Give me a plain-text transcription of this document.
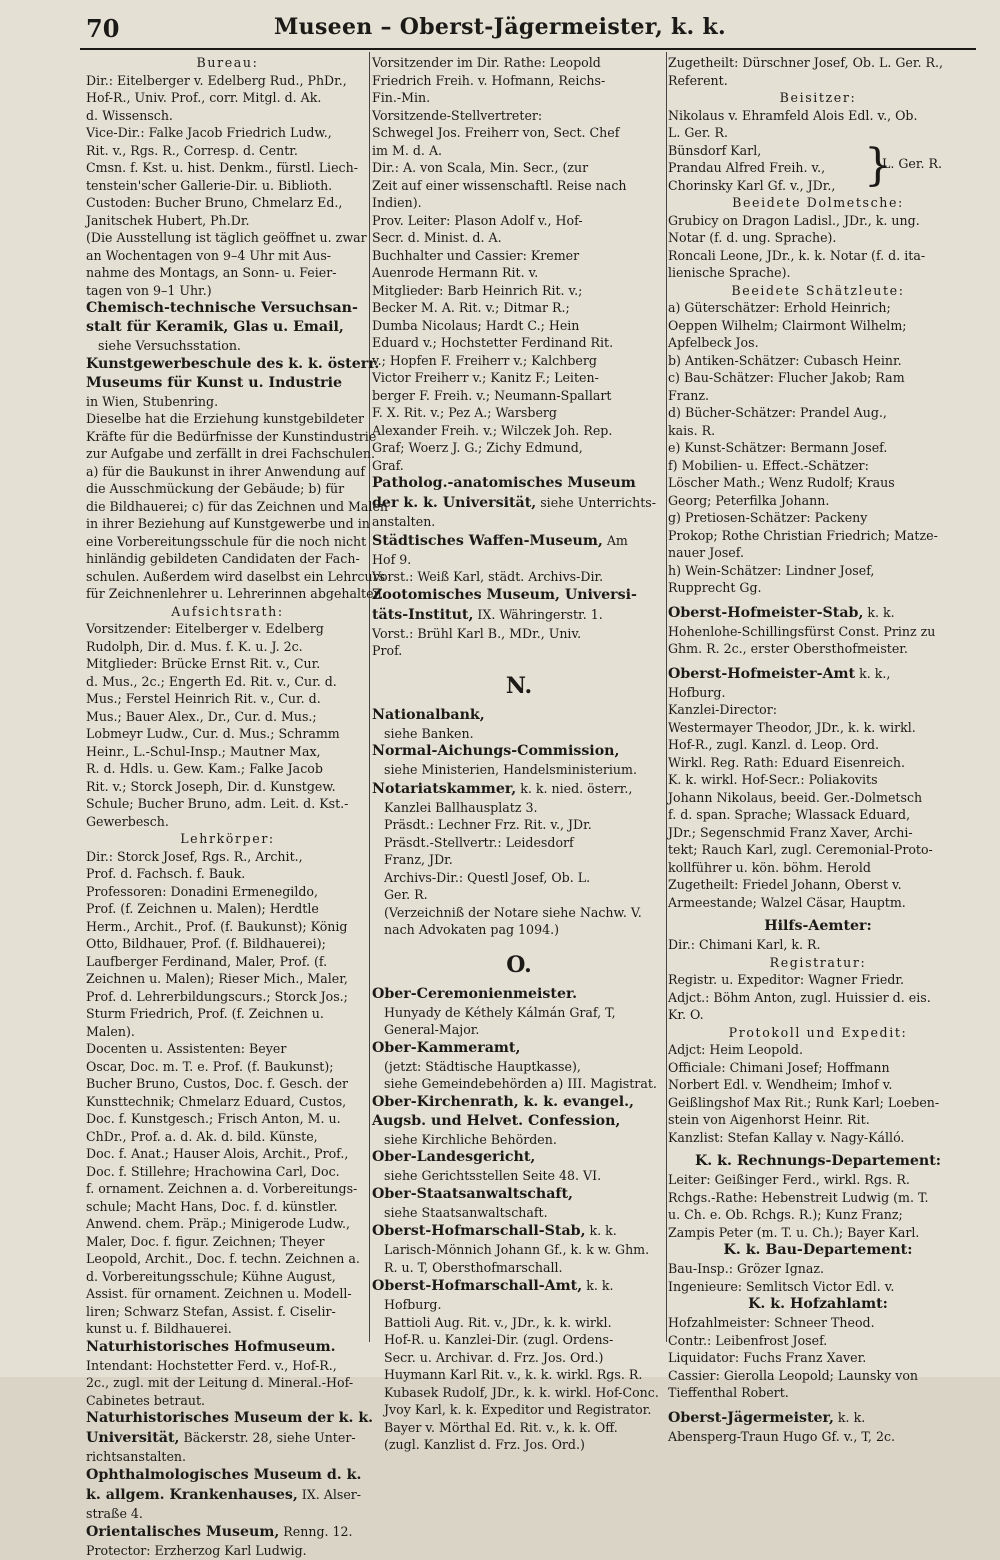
70	Museen – Oberst-Jägermeister, k. k.
Bureau:
Dir.: Eitelberger v. Edelberg Rud., PhDr.,
Hof-R., Univ. Prof., corr. Mitgl. d. Ak.
d. Wissensch.
Vice-Dir.: Falke Jacob Friedrich Ludw.,
Rit. v., Rgs. R., Corresp. d. Centr.
Cmsn. f. Kst. u. hist. Denkm., fürstl. Liech-
tenstein'scher Gallerie-Dir. u. Biblioth.
Custoden: Bucher Bruno, Chmelarz Ed.,
Janitschek Hubert, Ph.Dr.
(Die Ausstellung ist täglich geöffnet u. zwar
an Wochentagen von 9–4 Uhr mit Aus-
nahme des Montags, an Sonn- u. Feier-
tagen von 9–1 Uhr.)
Chemisch-technische Versuchsan-
stalt für Keramik, Glas u. Email,
siehe Versuchsstation.
Kunstgewerbeschule des k. k. österr.
Museums für Kunst u. Industrie
in Wien, Stubenring.
Dieselbe hat die Erziehung kunstgebildeter
Kräfte für die Bedürfnisse der Kunstindustrie
zur Aufgabe und zerfällt in drei Fachschulen.
a) für die Baukunst in ihrer Anwendung auf
die Ausschmückung der Gebäude; b) für
die Bildhauerei; c) für das Zeichnen und Malen
in ihrer Beziehung auf Kunstgewerbe und in
eine Vorbereitungsschule für die noch nicht
hinländig gebildeten Candidaten der Fach-
schulen. Außerdem wird daselbst ein Lehrcurs
für Zeichnenlehrer u. Lehrerinnen abgehalten.
Aufsichtsrath:
Vorsitzender: Eitelberger v. Edelberg
Rudolph, Dir. d. Mus. f. K. u. J. 2c.
Mitglieder: Brücke Ernst Rit. v., Cur.
d. Mus., 2c.; Engerth Ed. Rit. v., Cur. d.
Mus.; Ferstel Heinrich Rit. v., Cur. d.
Mus.; Bauer Alex., Dr., Cur. d. Mus.;
Lobmeyr Ludw., Cur. d. Mus.; Schramm
Heinr., L.-Schul-Insp.; Mautner Max,
R. d. Hdls. u. Gew. Kam.; Falke Jacob
Rit. v.; Storck Joseph, Dir. d. Kunstgew.
Schule; Bucher Bruno, adm. Leit. d. Kst.-
Gewerbesch.
Lehrkörper:
Dir.: Storck Josef, Rgs. R., Archit.,
Prof. d. Fachsch. f. Bauk.
Professoren: Donadini Ermenegildo,
Prof. (f. Zeichnen u. Malen); Herdtle
Herm., Archit., Prof. (f. Baukunst); König
Otto, Bildhauer, Prof. (f. Bildhauerei);
Laufberger Ferdinand, Maler, Prof. (f.
Zeichnen u. Malen); Rieser Mich., Maler,
Prof. d. Lehrerbildungscurs.; Storck Jos.;
Sturm Friedrich, Prof. (f. Zeichnen u.
Malen).
Docenten u. Assistenten: Beyer
Oscar, Doc. m. T. e. Prof. (f. Baukunst);
Bucher Bruno, Custos, Doc. f. Gesch. der
Kunsttechnik; Chmelarz Eduard, Custos,
Doc. f. Kunstgesch.; Frisch Anton, M. u.
ChDr., Prof. a. d. Ak. d. bild. Künste,
Doc. f. Anat.; Hauser Alois, Archit., Prof.,
Doc. f. Stillehre; Hrachowina Carl, Doc.
f. ornament. Zeichnen a. d. Vorbereitungs-
schule; Macht Hans, Doc. f. d. künstler.
Anwend. chem. Präp.; Minigerode Ludw.,
Maler, Doc. f. figur. Zeichnen; Theyer
Leopold, Archit., Doc. f. techn. Zeichnen a.
d. Vorbereitungsschule; Kühne August,
Assist. für ornament. Zeichnen u. Modell-
liren; Schwarz Stefan, Assist. f. Ciselir-
kunst u. f. Bildhauerei.
Naturhistorisches Hofmuseum.
Intendant: Hochstetter Ferd. v., Hof-R.,
2c., zugl. mit der Leitung d. Mineral.-Hof-
Cabinetes betraut.
Naturhistorisches Museum der k. k.
Universität, Bäckerstr. 28, siehe Unter-
richtsanstalten.
Ophthalmologisches Museum d. k.
k. allgem. Krankenhauses, IX. Alser-
straße 4.
Orientalisches Museum, Renng. 12.
Protector: Erzherzog Karl Ludwig.
Vorsitzender im Dir. Rathe: Leopold
Friedrich Freih. v. Hofmann, Reichs-
Fin.-Min.
Vorsitzende-Stellvertreter:
Schwegel Jos. Freiherr von, Sect. Chef
im M. d. A.
Dir.: A. von Scala, Min. Secr., (zur
Zeit auf einer wissenschaftl. Reise nach
Indien).
Prov. Leiter: Plason Adolf v., Hof-
Secr. d. Minist. d. A.
Buchhalter und Cassier: Kremer
Auenrode Hermann Rit. v.
Mitglieder: Barb Heinrich Rit. v.;
Becker M. A. Rit. v.; Ditmar R.;
Dumba Nicolaus; Hardt C.; Hein
Eduard v.; Hochstetter Ferdinand Rit.
v.; Hopfen F. Freiherr v.; Kalchberg
Victor Freiherr v.; Kanitz F.; Leiten-
berger F. Freih. v.; Neumann-Spallart
F. X. Rit. v.; Pez A.; Warsberg
Alexander Freih. v.; Wilczek Joh. Rep.
Graf; Woerz J. G.; Zichy Edmund,
Graf.
Patholog.-anatomisches Museum
der k. k. Universität, siehe Unterrichts-
anstalten.
Städtisches Waffen-Museum, Am
Hof 9.
Vorst.: Weiß Karl, städt. Archivs-Dir.
Zootomisches Museum, Universi-
täts-Institut, IX. Währingerstr. 1.
Vorst.: Brühl Karl B., MDr., Univ.
Prof.
N.
Nationalbank,
siehe Banken.
Normal-Aichungs-Commission,
siehe Ministerien, Handelsministerium.
Notariatskammer, k. k. nied. österr.,
Kanzlei Ballhausplatz 3.
Präsdt.: Lechner Frz. Rit. v., JDr.
Präsdt.-Stellvertr.: Leidesdorf
Franz, JDr.
Archivs-Dir.: Questl Josef, Ob. L.
Ger. R.
(Verzeichniß der Notare siehe Nachw. V.
nach Advokaten pag 1094.)
O.
Ober-Ceremonienmeister.
Hunyady de Kéthely Kálmán Graf, T,
General-Major.
Ober-Kammeramt,
(jetzt: Städtische Hauptkasse),
siehe Gemeindebehörden a) III. Magistrat.
Ober-Kirchenrath, k. k. evangel.,
Augsb. und Helvet. Confession,
siehe Kirchliche Behörden.
Ober-Landesgericht,
siehe Gerichtsstellen Seite 48. VI.
Ober-Staatsanwaltschaft,
siehe Staatsanwaltschaft.
Oberst-Hofmarschall-Stab, k. k.
Larisch-Mönnich Johann Gf., k. k w. Ghm.
R. u. T, Obersthofmarschall.
Oberst-Hofmarschall-Amt, k. k.
Hofburg.
Battioli Aug. Rit. v., JDr., k. k. wirkl.
Hof-R. u. Kanzlei-Dir. (zugl. Ordens-
Secr. u. Archivar. d. Frz. Jos. Ord.)
Huymann Karl Rit. v., k. k. wirkl. Rgs. R.
Kubasek Rudolf, JDr., k. k. wirkl. Hof-Conc.
Jvoy Karl, k. k. Expeditor und Registrator.
Bayer v. Mörthal Ed. Rit. v., k. k. Off.
(zugl. Kanzlist d. Frz. Jos. Ord.)
Zugetheilt: Dürschner Josef, Ob. L. Ger. R.,
Referent.
Beisitzer:
Nikolaus v. Ehramfeld Alois Edl. v., Ob.
L. Ger. R.
Bünsdorf Karl,
Prandau Alfred Freih. v.,
Chorinsky Karl Gf. v., JDr., }
L. Ger. R.
Beeidete Dolmetsche:
Grubicy on Dragon Ladisl., JDr., k. ung.
Notar (f. d. ung. Sprache).
Roncali Leone, JDr., k. k. Notar (f. d. ita-
lienische Sprache).
Beeidete Schätzleute:
a) Güterschätzer: Erhold Heinrich;
Oeppen Wilhelm; Clairmont Wilhelm;
Apfelbeck Jos.
b) Antiken-Schätzer: Cubasch Heinr.
c) Bau-Schätzer: Flucher Jakob; Ram
Franz.
d) Bücher-Schätzer: Prandel Aug.,
kais. R.
e) Kunst-Schätzer: Bermann Josef.
f) Mobilien- u. Effect.-Schätzer:
Löscher Math.; Wenz Rudolf; Kraus
Georg; Peterfilka Johann.
g) Pretiosen-Schätzer: Packeny
Prokop; Rothe Christian Friedrich; Matze-
nauer Josef.
h) Wein-Schätzer: Lindner Josef,
Rupprecht Gg.
Oberst-Hofmeister-Stab, k. k.
Hohenlohe-Schillingsfürst Const. Prinz zu
Ghm. R. 2c., erster Obersthofmeister.
Oberst-Hofmeister-Amt k. k.,
Hofburg.
Kanzlei-Director:
Westermayer Theodor, JDr., k. k. wirkl.
Hof-R., zugl. Kanzl. d. Leop. Ord.
Wirkl. Reg. Rath: Eduard Eisenreich.
K. k. wirkl. Hof-Secr.: Poliakovits
Johann Nikolaus, beeid. Ger.-Dolmetsch
f. d. span. Sprache; Wlassack Eduard,
JDr.; Segenschmid Franz Xaver, Archi-
tekt; Rauch Karl, zugl. Ceremonial-Proto-
kollführer u. kön. böhm. Herold
Zugetheilt: Friedel Johann, Oberst v.
Armeestande; Walzel Cäsar, Hauptm.
Hilfs-Aemter:
Dir.: Chimani Karl, k. R.
Registratur:
Registr. u. Expeditor: Wagner Friedr.
Adjct.: Böhm Anton, zugl. Huissier d. eis.
Kr. O.
Protokoll und Expedit:
Adjct: Heim Leopold.
Officiale: Chimani Josef; Hoffmann
Norbert Edl. v. Wendheim; Imhof v.
Geißlingshof Max Rit.; Runk Karl; Loeben-
stein von Aigenhorst Heinr. Rit.
Kanzlist: Stefan Kallay v. Nagy-Kálló.
K. k. Rechnungs-Departement:
Leiter: Geißinger Ferd., wirkl. Rgs. R.
Rchgs.-Rathe: Hebenstreit Ludwig (m. T.
u. Ch. e. Ob. Rchgs. R.); Kunz Franz;
Zampis Peter (m. T. u. Ch.); Bayer Karl.
K. k. Bau-Departement:
Bau-Insp.: Grözer Ignaz.
Ingenieure: Semlitsch Victor Edl. v.
K. k. Hofzahlamt:
Hofzahlmeister: Schneer Theod.
Contr.: Leibenfrost Josef.
Liquidator: Fuchs Franz Xaver.
Cassier: Gierolla Leopold; Launsky von
Tieffenthal Robert.
Oberst-Jägermeister, k. k.
Abensperg-Traun Hugo Gf. v., T, 2c.
